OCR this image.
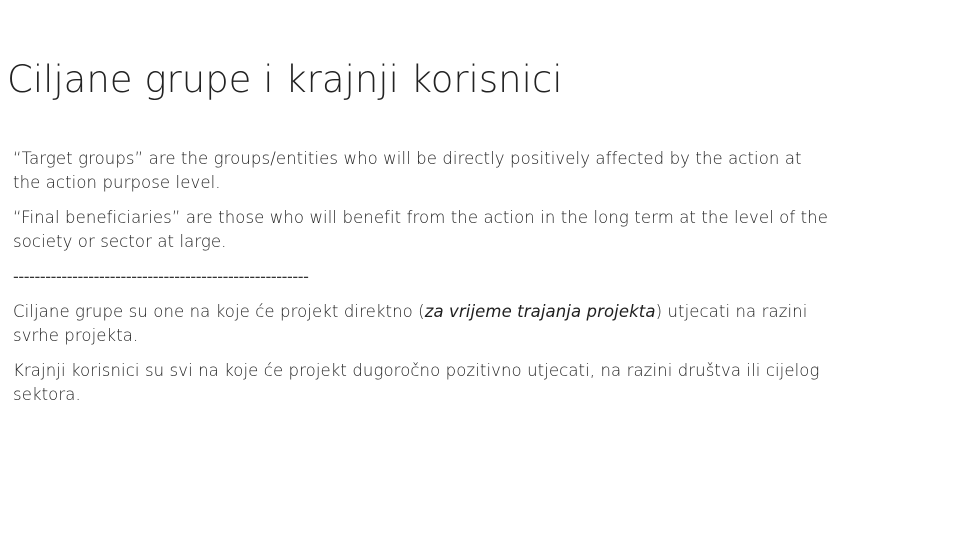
Ciljane grupe i krajnji korisnici

“Target groups” are the groups/entities who will be directly positively affected by the action at the action purpose level.

“Final beneficiaries” are those who will benefit from the action in the long term at the level of the society or sector at large.

-------------------------------------------------------

Ciljane grupe su one na koje će projekt direktno (za vrijeme trajanja projekta) utjecati na razini svrhe projekta.

Krajnji korisnici su svi na koje će projekt dugoročno pozitivno utjecati, na razini društva ili cijelog sektora.
